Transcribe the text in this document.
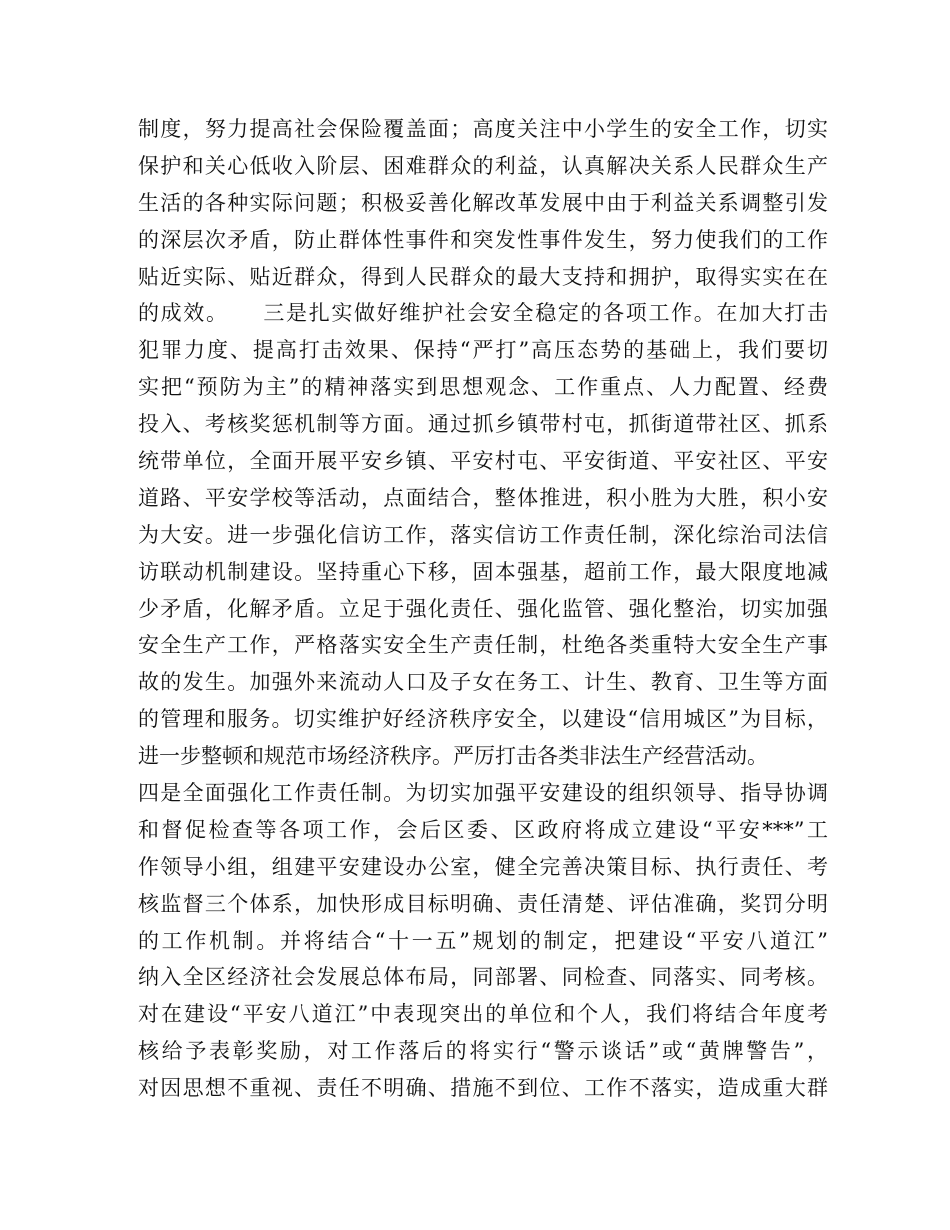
制度，努力提高社会保险覆盖面；高度关注中小学生的安全工作，切实
保护和关心低收入阶层、困难群众的利益，认真解决关系人民群众生产
生活的各种实际问题；积极妥善化解改革发展中由于利益关系调整引发
的深层次矛盾，防止群体性事件和突发性事件发生，努力使我们的工作
贴近实际、贴近群众，得到人民群众的最大支持和拥护，取得实实在在
的成效。　　三是扎实做好维护社会安全稳定的各项工作。在加大打击
犯罪力度、提高打击效果、保持“严打”高压态势的基础上，我们要切
实把“预防为主”的精神落实到思想观念、工作重点、人力配置、经费
投入、考核奖惩机制等方面。通过抓乡镇带村屯，抓街道带社区、抓系
统带单位，全面开展平安乡镇、平安村屯、平安街道、平安社区、平安
道路、平安学校等活动，点面结合，整体推进，积小胜为大胜，积小安
为大安。进一步强化信访工作，落实信访工作责任制，深化综治司法信
访联动机制建设。坚持重心下移，固本强基，超前工作，最大限度地减
少矛盾，化解矛盾。立足于强化责任、强化监管、强化整治，切实加强
安全生产工作，严格落实安全生产责任制，杜绝各类重特大安全生产事
故的发生。加强外来流动人口及子女在务工、计生、教育、卫生等方面
的管理和服务。切实维护好经济秩序安全，以建设“信用城区”为目标，
进一步整顿和规范市场经济秩序。严厉打击各类非法生产经营活动。
四是全面强化工作责任制。为切实加强平安建设的组织领导、指导协调
和督促检查等各项工作，会后区委、区政府将成立建设“平安***”工
作领导小组，组建平安建设办公室，健全完善决策目标、执行责任、考
核监督三个体系，加快形成目标明确、责任清楚、评估准确，奖罚分明
的工作机制。并将结合“十一五”规划的制定，把建设“平安八道江”
纳入全区经济社会发展总体布局，同部署、同检查、同落实、同考核。
对在建设“平安八道江”中表现突出的单位和个人，我们将结合年度考
核给予表彰奖励，对工作落后的将实行“警示谈话”或“黄牌警告”，
对因思想不重视、责任不明确、措施不到位、工作不落实，造成重大群
